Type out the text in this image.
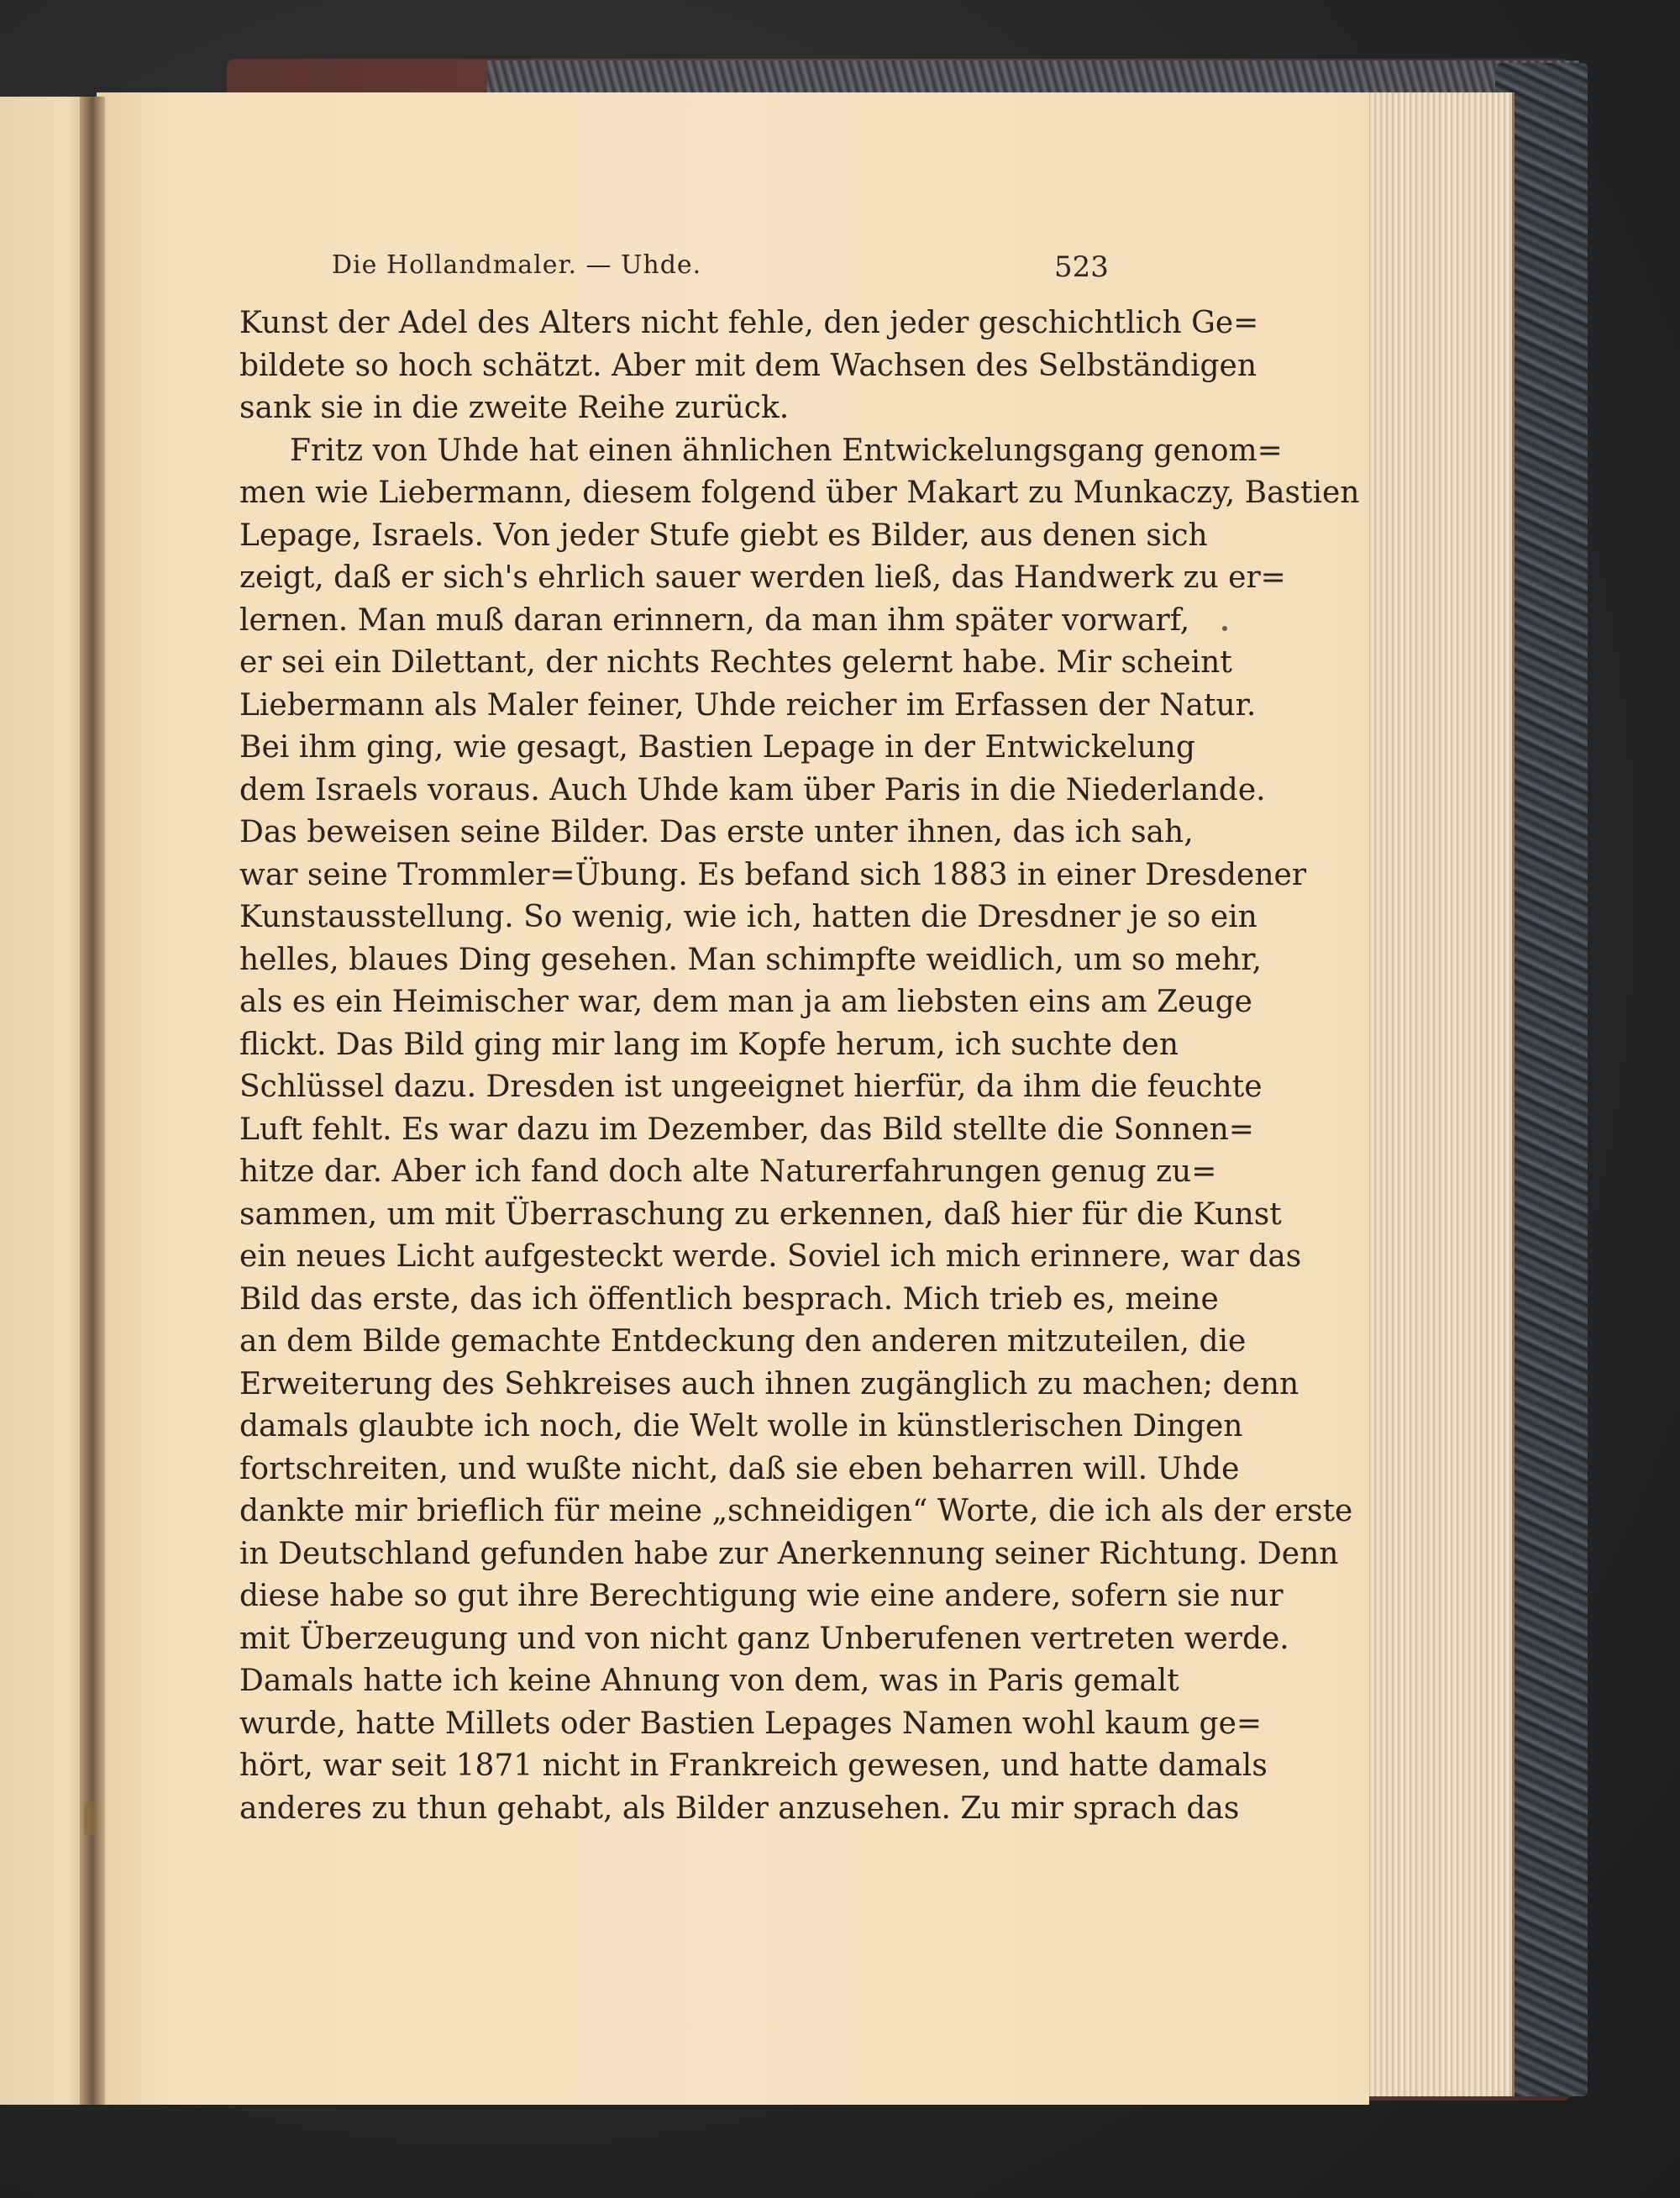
Die Hollandmaler. — Uhde.	523
Kunst der Adel des Alters nicht fehle, den jeder geschichtlich Ge=
bildete so hoch schätzt. Aber mit dem Wachsen des Selbständigen
sank sie in die zweite Reihe zurück.
Fritz von Uhde hat einen ähnlichen Entwickelungsgang genom=
men wie Liebermann, diesem folgend über Makart zu Munkaczy, Bastien
Lepage, Israels. Von jeder Stufe giebt es Bilder, aus denen sich
zeigt, daß er sich's ehrlich sauer werden ließ, das Handwerk zu er=
lernen. Man muß daran erinnern, da man ihm später vorwarf,
er sei ein Dilettant, der nichts Rechtes gelernt habe. Mir scheint
Liebermann als Maler feiner, Uhde reicher im Erfassen der Natur.
Bei ihm ging, wie gesagt, Bastien Lepage in der Entwickelung
dem Israels voraus. Auch Uhde kam über Paris in die Niederlande.
Das beweisen seine Bilder. Das erste unter ihnen, das ich sah,
war seine Trommler=Übung. Es befand sich 1883 in einer Dresdener
Kunstausstellung. So wenig, wie ich, hatten die Dresdner je so ein
helles, blaues Ding gesehen. Man schimpfte weidlich, um so mehr,
als es ein Heimischer war, dem man ja am liebsten eins am Zeuge
flickt. Das Bild ging mir lang im Kopfe herum, ich suchte den
Schlüssel dazu. Dresden ist ungeeignet hierfür, da ihm die feuchte
Luft fehlt. Es war dazu im Dezember, das Bild stellte die Sonnen=
hitze dar. Aber ich fand doch alte Naturerfahrungen genug zu=
sammen, um mit Überraschung zu erkennen, daß hier für die Kunst
ein neues Licht aufgesteckt werde. Soviel ich mich erinnere, war das
Bild das erste, das ich öffentlich besprach. Mich trieb es, meine
an dem Bilde gemachte Entdeckung den anderen mitzuteilen, die
Erweiterung des Sehkreises auch ihnen zugänglich zu machen; denn
damals glaubte ich noch, die Welt wolle in künstlerischen Dingen
fortschreiten, und wußte nicht, daß sie eben beharren will. Uhde
dankte mir brieflich für meine „schneidigen“ Worte, die ich als der erste
in Deutschland gefunden habe zur Anerkennung seiner Richtung. Denn
diese habe so gut ihre Berechtigung wie eine andere, sofern sie nur
mit Überzeugung und von nicht ganz Unberufenen vertreten werde.
Damals hatte ich keine Ahnung von dem, was in Paris gemalt
wurde, hatte Millets oder Bastien Lepages Namen wohl kaum ge=
hört, war seit 1871 nicht in Frankreich gewesen, und hatte damals
anderes zu thun gehabt, als Bilder anzusehen. Zu mir sprach das
